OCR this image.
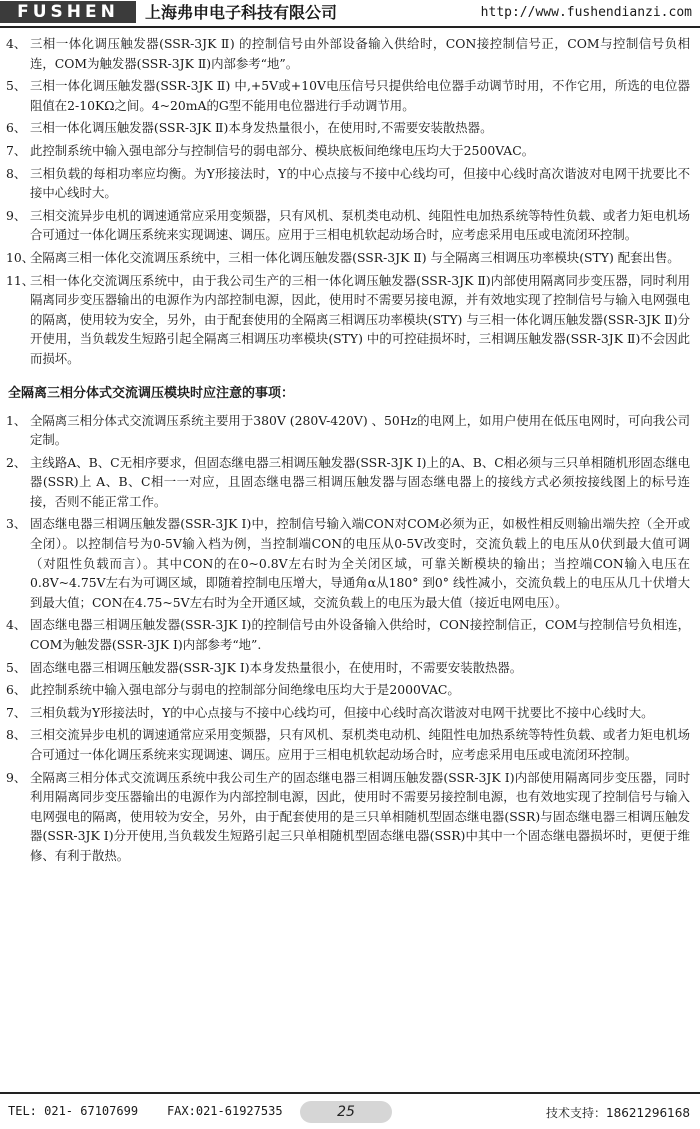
FUSHEN	上海弗申电子科技有限公司	http://www.fushendianzi.com
4、 三相一体化调压触发器(SSR-3JK Ⅱ) 的控制信号由外部设备输入供给时，CON接控制信号正，COM与控制信号负相连，COM为触发器(SSR-3JK Ⅱ)内部参考“地”。
5、 三相一体化调压触发器(SSR-3JK Ⅱ) 中,+5V或+10V电压信号只提供给电位器手动调节时用，不作它用，所选的电位器阻值在2-10KΩ之间。4~20mA的G型不能用电位器进行手动调节用。
6、 三相一体化调压触发器(SSR-3JK Ⅱ)本身发热量很小，在使用时,不需要安装散热器。
7、 此控制系统中输入强电部分与控制信号的弱电部分、模块底板间绝缘电压均大于2500VAC。
8、 三相负载的每相功率应均衡。为Y形接法时，Y的中心点接与不接中心线均可，但接中心线时高次谐波对电网干扰要比不接中心线时大。
9、 三相交流异步电机的调速通常应采用变频器，只有风机、泵机类电动机、纯阻性电加热系统等特性负载、或者力矩电机场合可通过一体化调压系统来实现调速、调压。应用于三相电机软起动场合时，应考虑采用电压或电流闭环控制。
10、
全隔离三相一体化交流调压系统中，三相一体化调压触发器(SSR-3JK Ⅱ) 与全隔离三相调压功率模块(STY) 配套出售。
11、
三相一体化交流调压系统中，由于我公司生产的三相一体化调压触发器(SSR-3JK Ⅱ)内部使用隔离同步变压器，同时利用隔离同步变压器输出的电源作为内部控制电源，因此，使用时不需要另接电源，并有效地实现了控制信号与输入电网强电的隔离，使用较为安全，另外，由于配套使用的全隔离三相调压功率模块(STY) 与三相一体化调压触发器(SSR-3JK Ⅱ)分开使用，当负载发生短路引起全隔离三相调压功率模块(STY) 中的可控硅损坏时，三相调压触发器(SSR-3JK Ⅱ)不会因此而损坏。
全隔离三相分体式交流调压模块时应注意的事项：
1、 全隔离三相分体式交流调压系统主要用于380V (280V-420V) 、50Hz的电网上，如用户使用在低压电网时，可向我公司定制。
2、 主线路A、B、C无相序要求，但固态继电器三相调压触发器(SSR-3JK Ⅰ)上的A、B、C相必须与三只单相随机形固态继电器(SSR)上 A、B、C相一一对应，且固态继电器三相调压触发器与固态继电器上的接线方式必须按接线图上的标号连接，否则不能正常工作。
3、 固态继电器三相调压触发器(SSR-3JK Ⅰ)中，控制信号输入端CON对COM必须为正，如极性相反则输出端失控（全开或全闭）。以控制信号为0-5V输入档为例，当控制端CON的电压从0-5V改变时，交流负载上的电压从0伏到最大值可调 （对阻性负载而言）。其中CON的在0~0.8V左右时为全关闭区域，可靠关断模块的输出；当控端CON输入电压在0.8V~4.75V左右为可调区域，即随着控制电压增大，导通角α从180° 到0° 线性减小，交流负载上的电压从几十伏增大到最大值；CON在4.75~5V左右时为全开通区域，交流负载上的电压为最大值（接近电网电压）。
4、 固态继电器三相调压触发器(SSR-3JK Ⅰ)的控制信号由外设备输入供给时，CON接控制信正，COM与控制信号负相连，COM为触发器(SSR-3JK Ⅰ)内部参考“地”.
5、 固态继电器三相调压触发器(SSR-3JK Ⅰ)本身发热量很小，在使用时，不需要安装散热器。
6、 此控制系统中输入强电部分与弱电的控制部分间绝缘电压均大于是2000VAC。
7、 三相负载为Y形接法时，Y的中心点接与不接中心线均可，但接中心线时高次谐波对电网干扰要比不接中心线时大。
8、 三相交流异步电机的调速通常应采用变频器，只有风机、泵机类电动机、纯阻性电加热系统等特性负载、或者力矩电机场合可通过一体化调压系统来实现调速、调压。应用于三相电机软起动场合时，应考虑采用电压或电流闭环控制。
9、 全隔离三相分体式交流调压系统中我公司生产的固态继电器三相调压触发器(SSR-3JK Ⅰ)内部使用隔离同步变压器，同时利用隔离同步变压器输出的电源作为内部控制电源，因此，使用时不需要另接控制电源，也有效地实现了控制信号与输入电网强电的隔离，使用较为安全，另外，由于配套使用的是三只单相随机型固态继电器(SSR)与固态继电器三相调压触发器(SSR-3JK Ⅰ)分开使用,当负载发生短路引起三只单相随机型固态继电器(SSR)中其中一个固态继电器损坏时，更便于维修、有利于散热。
TEL: 021- 67107699 FAX:021-61927535	25	技术支持：18621296168
